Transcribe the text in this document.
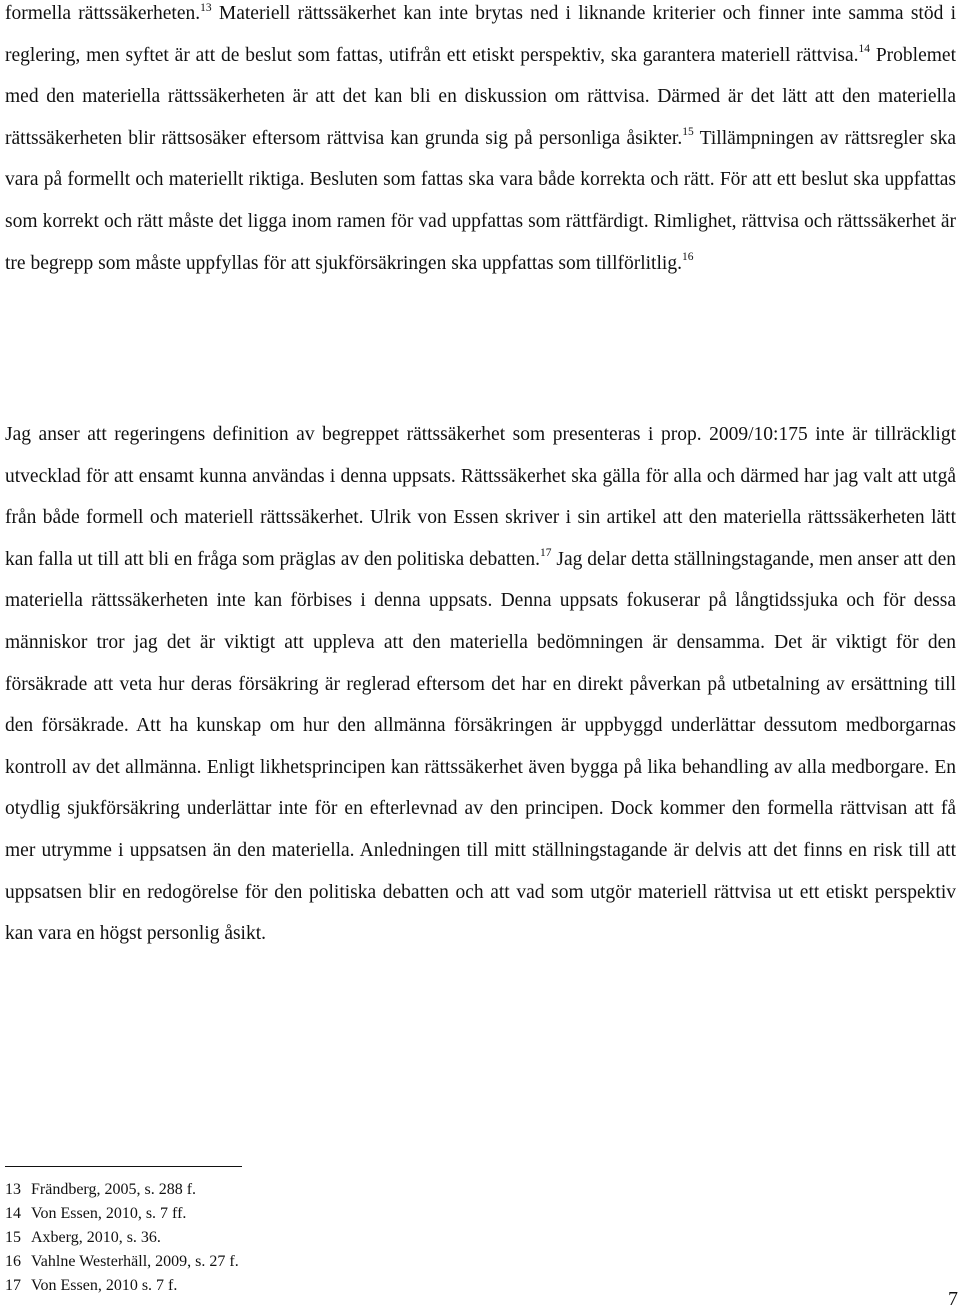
formella rättssäkerheten.$^{13}$ Materiell rättssäkerhet kan inte brytas ned i liknande kriterier och finner inte samma stöd i reglering, men syftet är att de beslut som fattas, utifrån ett etiskt perspektiv, ska garantera materiell rättvisa.$^{14}$ Problemet med den materiella rättssäkerheten är att det kan bli en diskussion om rättvisa. Därmed är det lätt att den materiella rättssäkerheten blir rättsosäker eftersom rättvisa kan grunda sig på personliga åsikter.$^{15}$ Tillämpningen av rättsregler ska vara på formellt och materiellt riktiga. Besluten som fattas ska vara både korrekta och rätt. För att ett beslut ska uppfattas som korrekt och rätt måste det ligga inom ramen för vad uppfattas som rättfärdigt. Rimlighet, rättvisa och rättssäkerhet är tre begrepp som måste uppfyllas för att sjukförsäkringen ska uppfattas som tillförlitlig.$^{16}$

Jag anser att regeringens definition av begreppet rättssäkerhet som presenteras i prop. 2009/10:175 inte är tillräckligt utvecklad för att ensamt kunna användas i denna uppsats. Rättssäkerhet ska gälla för alla och därmed har jag valt att utgå från både formell och materiell rättssäkerhet. Ulrik von Essen skriver i sin artikel att den materiella rättssäkerheten lätt kan falla ut till att bli en fråga som präglas av den politiska debatten.$^{17}$ Jag delar detta ställningstagande, men anser att den materiella rättssäkerheten inte kan förbises i denna uppsats. Denna uppsats fokuserar på långtidssjuka och för dessa människor tror jag det är viktigt att uppleva att den materiella bedömningen är densamma. Det är viktigt för den försäkrade att veta hur deras försäkring är reglerad eftersom det har en direkt påverkan på utbetalning av ersättning till den försäkrade. Att ha kunskap om hur den allmänna försäkringen är uppbyggd underlättar dessutom medborgarnas kontroll av det allmänna. Enligt likhetsprincipen kan rättssäkerhet även bygga på lika behandling av alla medborgare. En otydlig sjukförsäkring underlättar inte för en efterlevnad av den principen. Dock kommer den formella rättvisan att få mer utrymme i uppsatsen än den materiella. Anledningen till mitt ställningstagande är delvis att det finns en risk till att uppsatsen blir en redogörelse för den politiska debatten och att vad som utgör materiell rättvisa ut ett etiskt perspektiv kan vara en högst personlig åsikt.

13 Frändberg, 2005, s. 288 f.
14 Von Essen, 2010, s. 7 ff.
15 Axberg, 2010, s. 36.
16 Vahlne Westerhäll, 2009, s. 27 f.
17 Von Essen, 2010 s. 7 f.
7
